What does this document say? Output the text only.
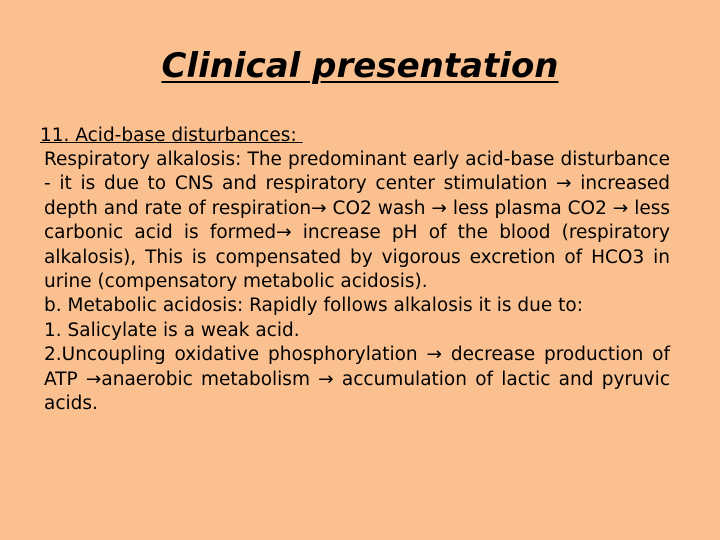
Clinical presentation
11. Acid-base disturbances:

Respiratory alkalosis: The predominant early acid-base disturbance - it is due to CNS and respiratory center stimulation → increased depth and rate of respiration→ CO2 wash → less plasma CO2 → less carbonic acid is formed→ increase pH of the blood (respiratory alkalosis), This is compensated by vigorous excretion of HCO3 in urine (compensatory metabolic acidosis).

b. Metabolic acidosis: Rapidly follows alkalosis it is due to:

1. Salicylate is a weak acid.

2.Uncoupling oxidative phosphorylation → decrease production of ATP →anaerobic metabolism → accumulation of lactic and pyruvic acids.
